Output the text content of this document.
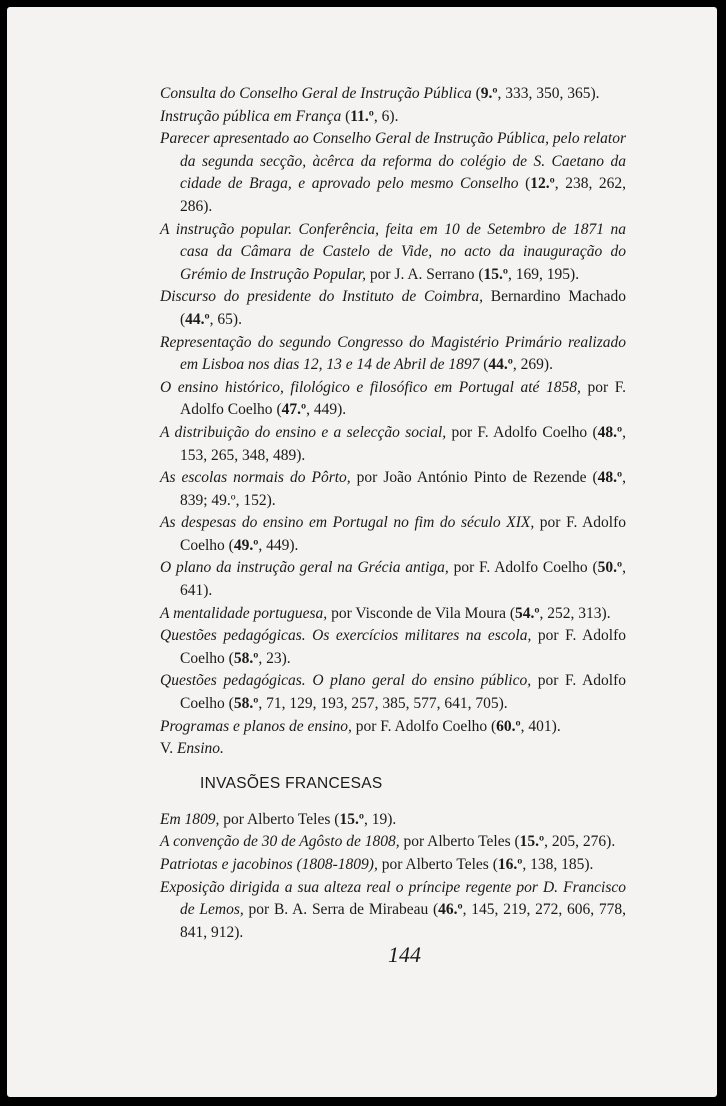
Consulta do Conselho Geral de Instrução Pública (9.º, 333, 350, 365).
Instrução pública em França (11.º, 6).
Parecer apresentado ao Conselho Geral de Instrução Pública, pelo relator da segunda secção, àcêrca da reforma do colégio de S. Caetano da cidade de Braga, e aprovado pelo mesmo Conselho (12.º, 238, 262, 286).
A instrução popular. Conferência, feita em 10 de Setembro de 1871 na casa da Câmara de Castelo de Vide, no acto da inauguração do Grémio de Instrução Popular, por J. A. Serrano (15.º, 169, 195).
Discurso do presidente do Instituto de Coimbra, Bernardino Machado (44.º, 65).
Representação do segundo Congresso do Magistério Primário realizado em Lisboa nos dias 12, 13 e 14 de Abril de 1897 (44.º, 269).
O ensino histórico, filológico e filosófico em Portugal até 1858, por F. Adolfo Coelho (47.º, 449).
A distribuição do ensino e a selecção social, por F. Adolfo Coelho (48.º, 153, 265, 348, 489).
As escolas normais do Pôrto, por João António Pinto de Rezende (48.º, 839; 49.º, 152).
As despesas do ensino em Portugal no fim do século XIX, por F. Adolfo Coelho (49.º, 449).
O plano da instrução geral na Grécia antiga, por F. Adolfo Coelho (50.º, 641).
A mentalidade portuguesa, por Visconde de Vila Moura (54.º, 252, 313).
Questões pedagógicas. Os exercícios militares na escola, por F. Adolfo Coelho (58.º, 23).
Questões pedagógicas. O plano geral do ensino público, por F. Adolfo Coelho (58.º, 71, 129, 193, 257, 385, 577, 641, 705).
Programas e planos de ensino, por F. Adolfo Coelho (60.º, 401).
V. Ensino.
INVASÕES FRANCESAS
Em 1809, por Alberto Teles (15.º, 19).
A convenção de 30 de Agôsto de 1808, por Alberto Teles (15.º, 205, 276).
Patriotas e jacobinos (1808-1809), por Alberto Teles (16.º, 138, 185).
Exposição dirigida a sua alteza real o príncipe regente por D. Francisco de Lemos, por B. A. Serra de Mirabeau (46.º, 145, 219, 272, 606, 778, 841, 912).
144
